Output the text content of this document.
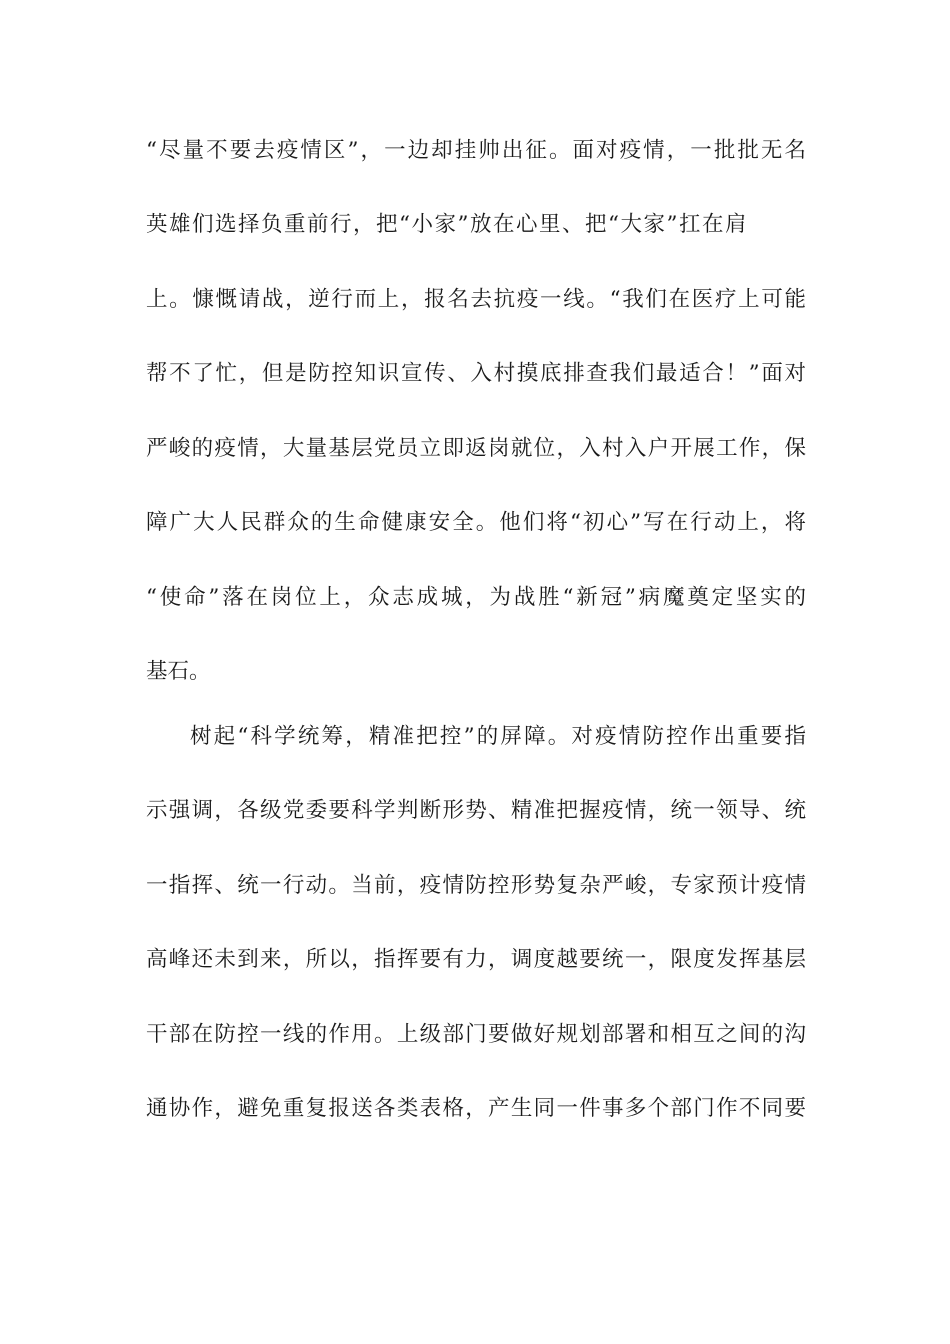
“尽量不要去疫情区”，一边却挂帅出征。面对疫情，一批批无名
英雄们选择负重前行，把“小家”放在心里、把“大家”扛在肩
上。慷慨请战，逆行而上，报名去抗疫一线。“我们在医疗上可能
帮不了忙，但是防控知识宣传、入村摸底排查我们最适合！”面对
严峻的疫情，大量基层党员立即返岗就位，入村入户开展工作，保
障广大人民群众的生命健康安全。他们将“初心”写在行动上，将
“使命”落在岗位上，众志成城，为战胜“新冠”病魔奠定坚实的
基石。
树起“科学统筹，精准把控”的屏障。对疫情防控作出重要指
示强调，各级党委要科学判断形势、精准把握疫情，统一领导、统
一指挥、统一行动。当前，疫情防控形势复杂严峻，专家预计疫情
高峰还未到来，所以，指挥要有力，调度越要统一，限度发挥基层
干部在防控一线的作用。上级部门要做好规划部署和相互之间的沟
通协作，避免重复报送各类表格，产生同一件事多个部门作不同要
